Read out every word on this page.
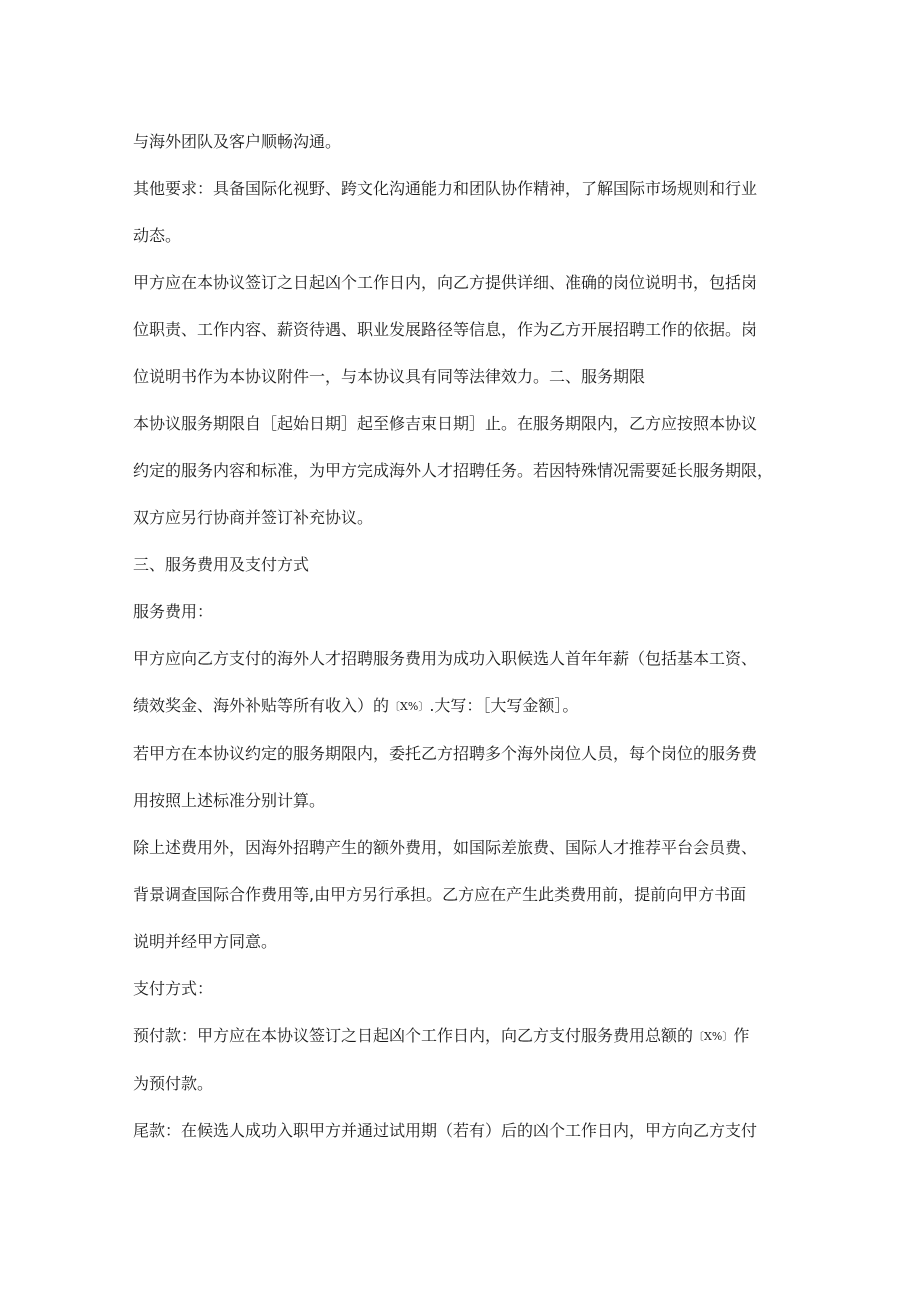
与海外团队及客户顺畅沟通。

其他要求：具备国际化视野、跨文化沟通能力和团队协作精神，了解国际市场规则和行业

动态。

甲方应在本协议签订之日起凶个工作日内，向乙方提供详细、准确的岗位说明书，包括岗

位职责、工作内容、薪资待遇、职业发展路径等信息，作为乙方开展招聘工作的依据。岗

位说明书作为本协议附件一，与本协议具有同等法律效力。二、服务期限

本协议服务期限自［起始日期］起至修吉束日期］止。在服务期限内，乙方应按照本协议

约定的服务内容和标准，为甲方完成海外人才招聘任务。若因特殊情况需要延长服务期限，

双方应另行协商并签订补充协议。

三、服务费用及支付方式

服务费用：

甲方应向乙方支付的海外人才招聘服务费用为成功入职候选人首年年薪（包括基本工资、

绩效奖金、海外补贴等所有收入）的〔X%〕.大写：［大写金额］。

若甲方在本协议约定的服务期限内，委托乙方招聘多个海外岗位人员，每个岗位的服务费

用按照上述标准分别计算。

除上述费用外，因海外招聘产生的额外费用，如国际差旅费、国际人才推荐平台会员费、

背景调查国际合作费用等,由甲方另行承担。乙方应在产生此类费用前，提前向甲方书面

说明并经甲方同意。

支付方式：

预付款：甲方应在本协议签订之日起凶个工作日内，向乙方支付服务费用总额的〔X%〕作

为预付款。

尾款：在候选人成功入职甲方并通过试用期（若有）后的凶个工作日内，甲方向乙方支付
